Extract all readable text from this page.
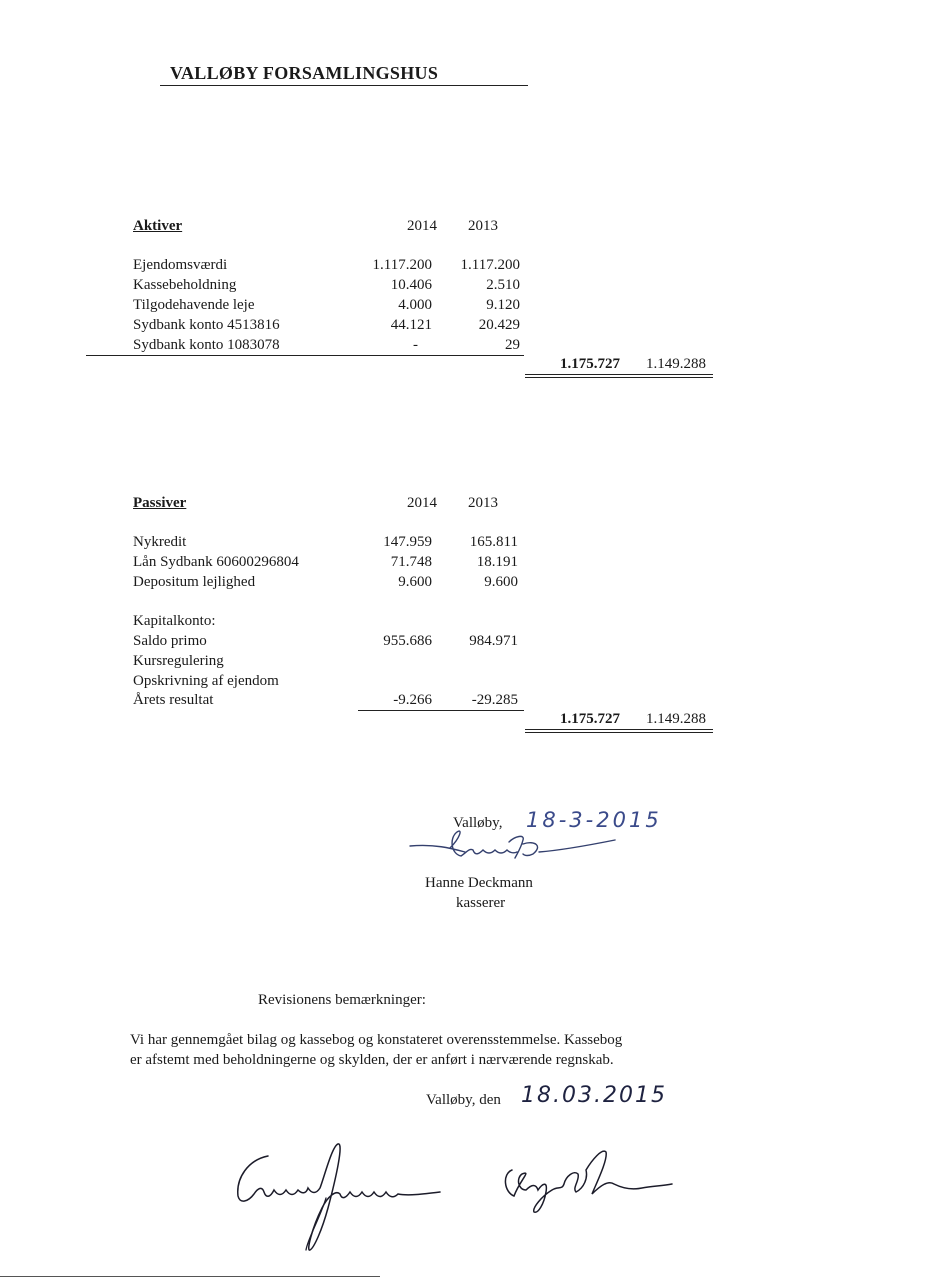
VALLØBY FORSAMLINGSHUS
Aktiver	2014	2013
Ejendomsværdi	1.117.200	1.117.200
Kassebeholdning	10.406	2.510
Tilgodehavende leje	4.000	9.120
Sydbank konto 4513816	44.121	20.429
Sydbank konto 1083078	-	29
1.175.727	1.149.288
Passiver	2014	2013
Nykredit	147.959	165.811
Lån Sydbank 60600296804	71.748	18.191
Depositum lejlighed	9.600	9.600
Kapitalkonto:
Saldo primo	955.686	984.971
Kursregulering
Opskrivning af ejendom
Årets resultat	-9.266	-29.285
1.175.727	1.149.288
Valløby, 18-3-2015
Hanne Deckmann
kasserer
Revisionens bemærkninger:
Vi har gennemgået bilag og kassebog og konstateret overensstemmelse. Kassebog
er afstemt med beholdningerne og skylden, der er anført i nærværende regnskab.
Valløby, den 18.03.2015
